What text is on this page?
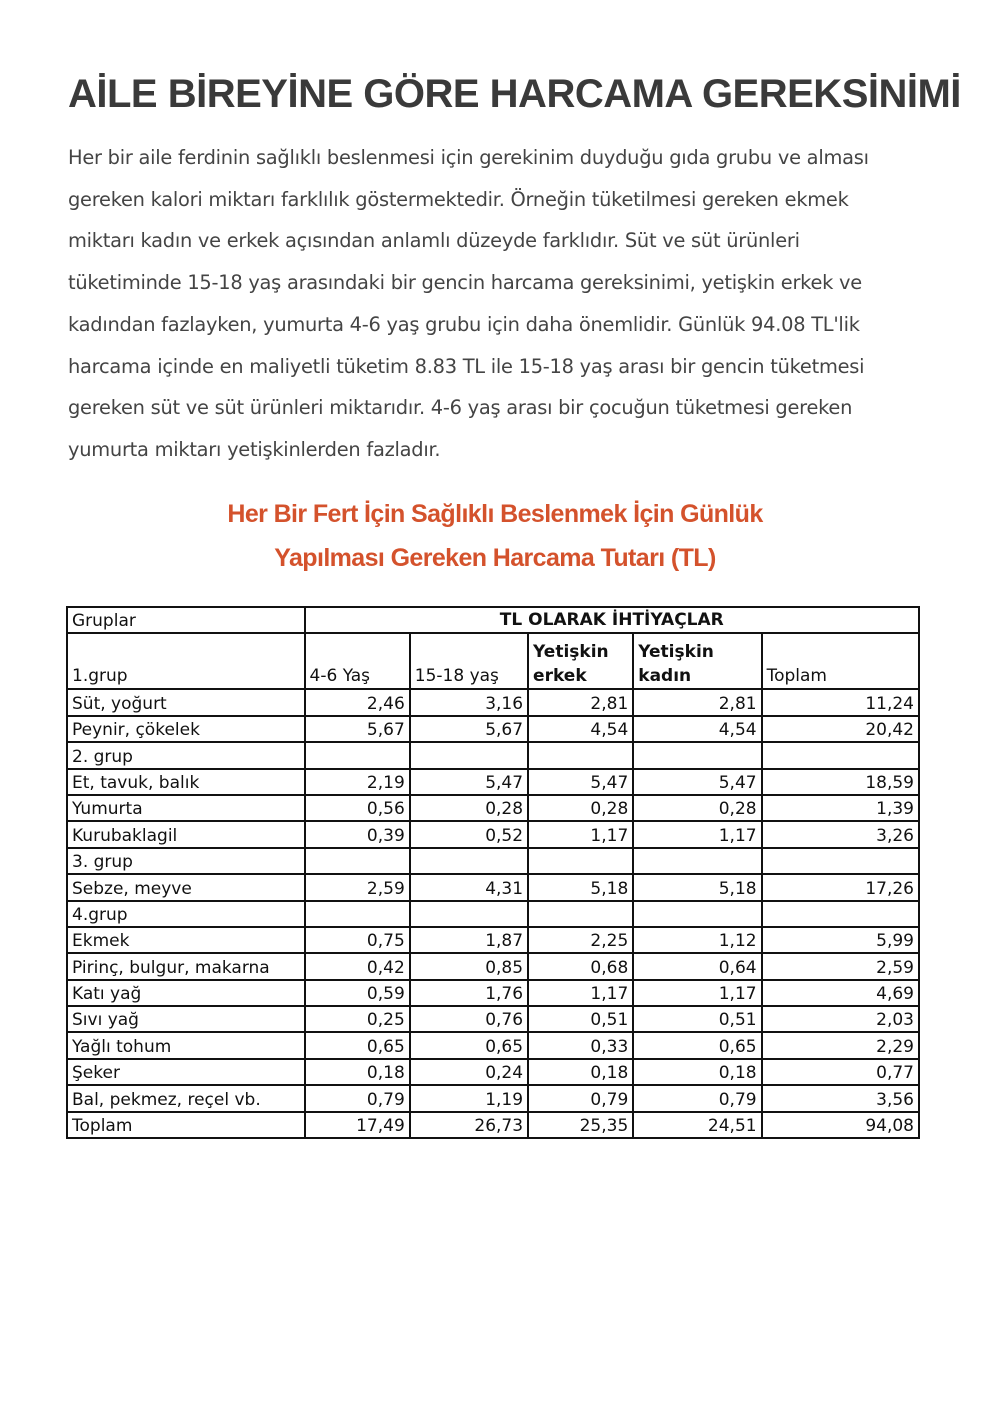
AİLE BİREYİNE GÖRE HARCAMA GEREKSİNİMİ
Her bir aile ferdinin sağlıklı beslenmesi için gerekinim duyduğu gıda grubu ve alması
gereken kalori miktarı farklılık göstermektedir. Örneğin tüketilmesi gereken ekmek
miktarı kadın ve erkek açısından anlamlı düzeyde farklıdır. Süt ve süt ürünleri
tüketiminde 15-18 yaş arasındaki bir gencin harcama gereksinimi, yetişkin erkek ve
kadından fazlayken, yumurta 4-6 yaş grubu için daha önemlidir. Günlük 94.08 TL'lik
harcama içinde en maliyetli tüketim 8.83 TL ile 15-18 yaş arası bir gencin tüketmesi
gereken süt ve süt ürünleri miktarıdır. 4-6 yaş arası bir çocuğun tüketmesi gereken
yumurta miktarı yetişkinlerden fazladır.
Her Bir Fert İçin Sağlıklı Beslenmek İçin Günlük
Yapılması Gereken Harcama Tutarı (TL)
Gruplar	TL OLARAK İHTİYAÇLAR				
1.grup	4-6 Yaş	15-18 yaş	Yetişkin erkek	Yetişkin kadın	Toplam
Süt, yoğurt	2,46	3,16	2,81	2,81	11,24
Peynir, çökelek	5,67	5,67	4,54	4,54	20,42
2. grup					
Et, tavuk, balık	2,19	5,47	5,47	5,47	18,59
Yumurta	0,56	0,28	0,28	0,28	1,39
Kurubaklagil	0,39	0,52	1,17	1,17	3,26
3. grup					
Sebze, meyve	2,59	4,31	5,18	5,18	17,26
4.grup					
Ekmek	0,75	1,87	2,25	1,12	5,99
Pirinç, bulgur, makarna	0,42	0,85	0,68	0,64	2,59
Katı yağ	0,59	1,76	1,17	1,17	4,69
Sıvı yağ	0,25	0,76	0,51	0,51	2,03
Yağlı tohum	0,65	0,65	0,33	0,65	2,29
Şeker	0,18	0,24	0,18	0,18	0,77
Bal, pekmez, reçel vb.	0,79	1,19	0,79	0,79	3,56
Toplam	17,49	26,73	25,35	24,51	94,08
